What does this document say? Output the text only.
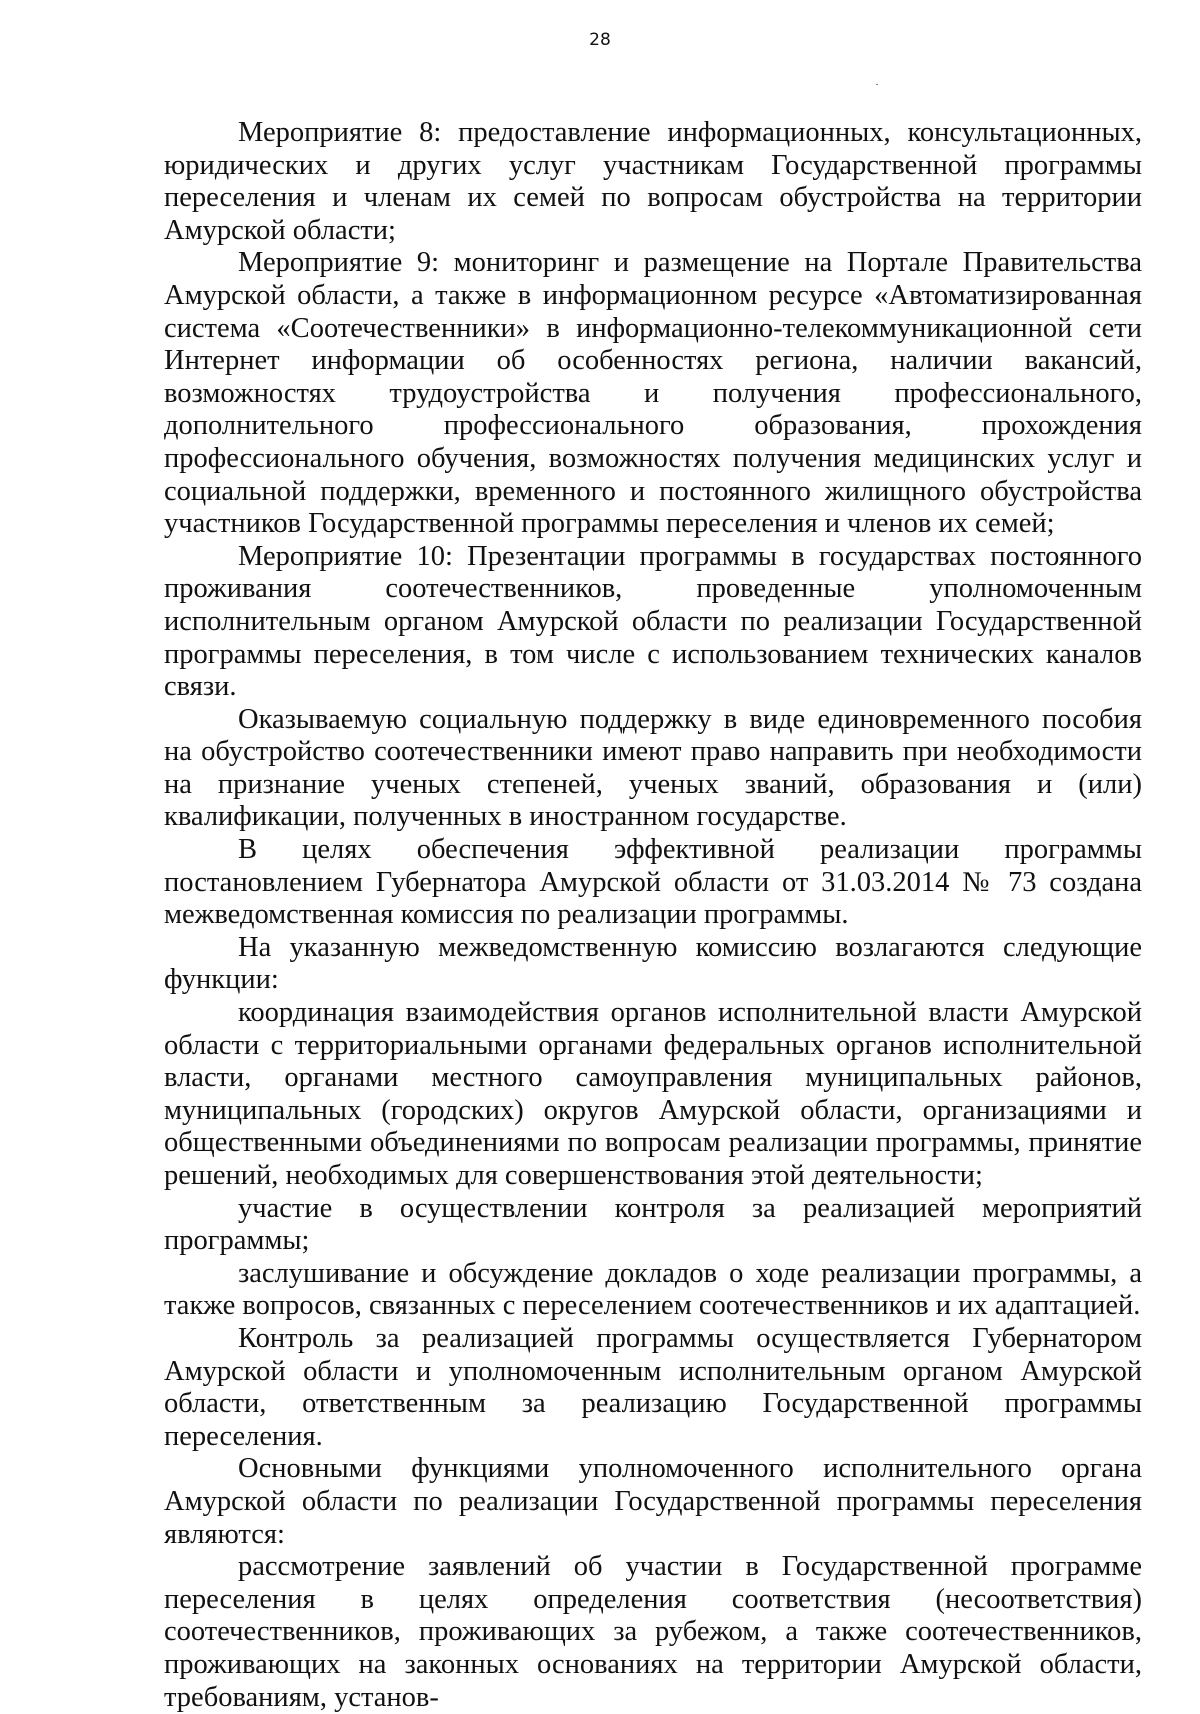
28

Мероприятие 8: предоставление информационных, консультационных, юридических и других услуг участникам Государственной программы переселения и членам их семей по вопросам обустройства на территории Амурской области;

Мероприятие 9: мониторинг и размещение на Портале Правительства Амурской области, а также в информационном ресурсе «Автоматизированная система «Соотечественники» в информационно-телекоммуникационной сети Интернет информации об особенностях региона, наличии вакансий, возможностях трудоустройства и получения профессионального, дополнительного профессионального образования, прохождения профессионального обучения, возможностях получения медицинских услуг и социальной поддержки, временного и постоянного жилищного обустройства участников Государственной программы переселения и членов их семей;

Мероприятие 10: Презентации программы в государствах постоянного проживания соотечественников, проведенные уполномоченным исполнительным органом Амурской области по реализации Государственной программы переселения, в том числе с использованием технических каналов связи.

Оказываемую социальную поддержку в виде единовременного пособия на обустройство соотечественники имеют право направить при необходимости на признание ученых степеней, ученых званий, образования и (или) квалификации, полученных в иностранном государстве.

В целях обеспечения эффективной реализации программы постановлением Губернатора Амурской области от 31.03.2014 № 73 создана межведомственная комиссия по реализации программы.

На указанную межведомственную комиссию возлагаются следующие функции:

координация взаимодействия органов исполнительной власти Амурской области с территориальными органами федеральных органов исполнительной власти, органами местного самоуправления муниципальных районов, муниципальных (городских) округов Амурской области, организациями и общественными объединениями по вопросам реализации программы, принятие решений, необходимых для совершенствования этой деятельности;

участие в осуществлении контроля за реализацией мероприятий программы;

заслушивание и обсуждение докладов о ходе реализации программы, а также вопросов, связанных с переселением соотечественников и их адаптацией.

Контроль за реализацией программы осуществляется Губернатором Амурской области и уполномоченным исполнительным органом Амурской области, ответственным за реализацию Государственной программы переселения.

Основными функциями уполномоченного исполнительного органа Амурской области по реализации Государственной программы переселения являются:

рассмотрение заявлений об участии в Государственной программе переселения в целях определения соответствия (несоответствия) соотечественников, проживающих за рубежом, а также соотечественников, проживающих на законных основаниях на территории Амурской области, требованиям, установ-
